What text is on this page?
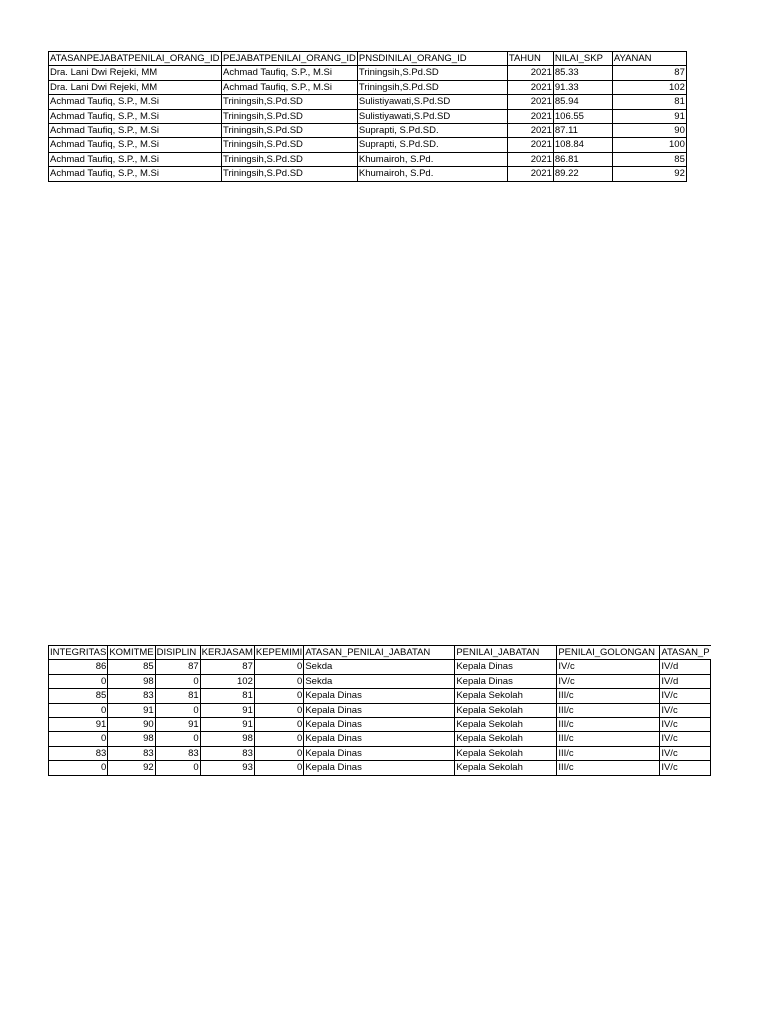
ATASANPEJABATPENILAI_ORANG_ID	PEJABATPENILAI_ORANG_ID	PNSDINILAI_ORANG_ID	TAHUN	NILAI_SKP	AYANAN
Dra. Lani Dwi Rejeki, MM	Achmad Taufiq, S.P., M.Si	Triningsih,S.Pd.SD	2021	85.33	87
Dra. Lani Dwi Rejeki, MM	Achmad Taufiq, S.P., M.Si	Triningsih,S.Pd.SD	2021	91.33	102
Achmad Taufiq, S.P., M.Si	Triningsih,S.Pd.SD	Sulistiyawati,S.Pd.SD	2021	85.94	81
Achmad Taufiq, S.P., M.Si	Triningsih,S.Pd.SD	Sulistiyawati,S.Pd.SD	2021	106.55	91
Achmad Taufiq, S.P., M.Si	Triningsih,S.Pd.SD	Suprapti, S.Pd.SD.	2021	87.11	90
Achmad Taufiq, S.P., M.Si	Triningsih,S.Pd.SD	Suprapti, S.Pd.SD.	2021	108.84	100
Achmad Taufiq, S.P., M.Si	Triningsih,S.Pd.SD	Khumairoh, S.Pd.	2021	86.81	85
Achmad Taufiq, S.P., M.Si	Triningsih,S.Pd.SD	Khumairoh, S.Pd.	2021	89.22	92
INTEGRITAS	KOMITME	DISIPLIN	KERJASAM	KEPEMIMI	ATASAN_PENILAI_JABATAN	PENILAI_JABATAN	PENILAI_GOLONGAN	ATASAN_P
86	85	87	87	0	Sekda	Kepala Dinas	IV/c	IV/d
0	98	0	102	0	Sekda	Kepala Dinas	IV/c	IV/d
85	83	81	81	0	Kepala Dinas	Kepala Sekolah	III/c	IV/c
0	91	0	91	0	Kepala Dinas	Kepala Sekolah	III/c	IV/c
91	90	91	91	0	Kepala Dinas	Kepala Sekolah	III/c	IV/c
0	98	0	98	0	Kepala Dinas	Kepala Sekolah	III/c	IV/c
83	83	83	83	0	Kepala Dinas	Kepala Sekolah	III/c	IV/c
0	92	0	93	0	Kepala Dinas	Kepala Sekolah	III/c	IV/c
